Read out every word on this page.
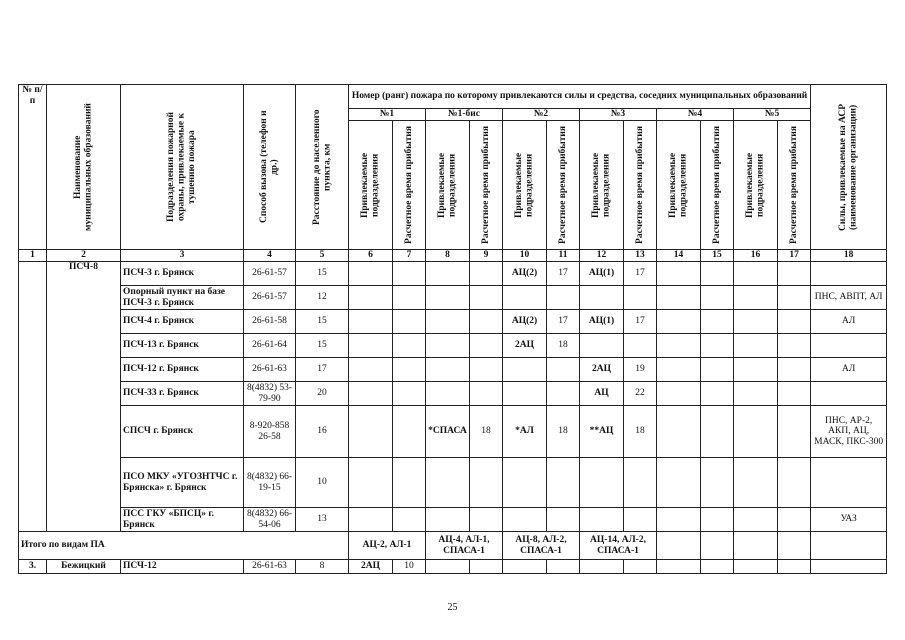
№ п/п	Наименование муниципальных образований	Подразделения пожарной охраны, привлекаемые к тушению пожара	Способ вызова (телефон и др.)	Расстояние до населенного пункта, км	Номер (ранг) пожара по которому привлекаются силы и средства, соседних муниципальных образований												Силы, привлекаемые на АСР (наименование организации)

					№1		№1-бис		№2		№3		№4		№5		

					Привлекаемые подразделения	Расчетное время прибытия	Привлекаемые подразделения	Расчетное время прибытия	Привлекаемые подразделения	Расчетное время прибытия	Привлекаемые подразделения	Расчетное время прибытия	Привлекаемые подразделения	Расчетное время прибытия	Привлекаемые подразделения	Расчетное время прибытия	

1	2	3	4	5	6	7	8	9	10	11	12	13	14	15	16	17	18
	ПСЧ-8	ПСЧ-3 г. Брянск	26-61-57	15					АЦ(2)	17	АЦ(1)	17					
		Опорный пункт на базе ПСЧ-3 г. Брянск	26-61-57	12													ПНС, АВПТ, АЛ
		ПСЧ-4 г. Брянск	26-61-58	15					АЦ(2)	17	АЦ(1)	17					АЛ
		ПСЧ-13 г. Брянск	26-61-64	15					2АЦ	18							
		ПСЧ-12 г. Брянск	26-61-63	17							2АЦ	19					АЛ
		ПСЧ-33 г. Брянск	8(4832) 53-79-90	20							АЦ	22					
		СПСЧ г. Брянск	8-920-858 26-58	16			*СПАСА	18	*АЛ	18	**АЦ	18					ПНС, АР-2, АКП, АЦ, МАСК, ПКС-300
		ПСО МКУ «УГОЗНТЧС г. Брянска» г. Брянск	8(4832) 66-19-15	10													
		ПСС ГКУ «БПСЦ» г. Брянск	8(4832) 66-54-06	13													УАЗ
Итого по видам ПА					АЦ-2, АЛ-1		АЦ-4, АЛ-1, СПАСА-1		АЦ-8, АЛ-2, СПАСА-1		АЦ-14, АЛ-2, СПАСА-1						
3.	Бежицкий	ПСЧ-12	26-61-63	8	2АЦ	10											
25
